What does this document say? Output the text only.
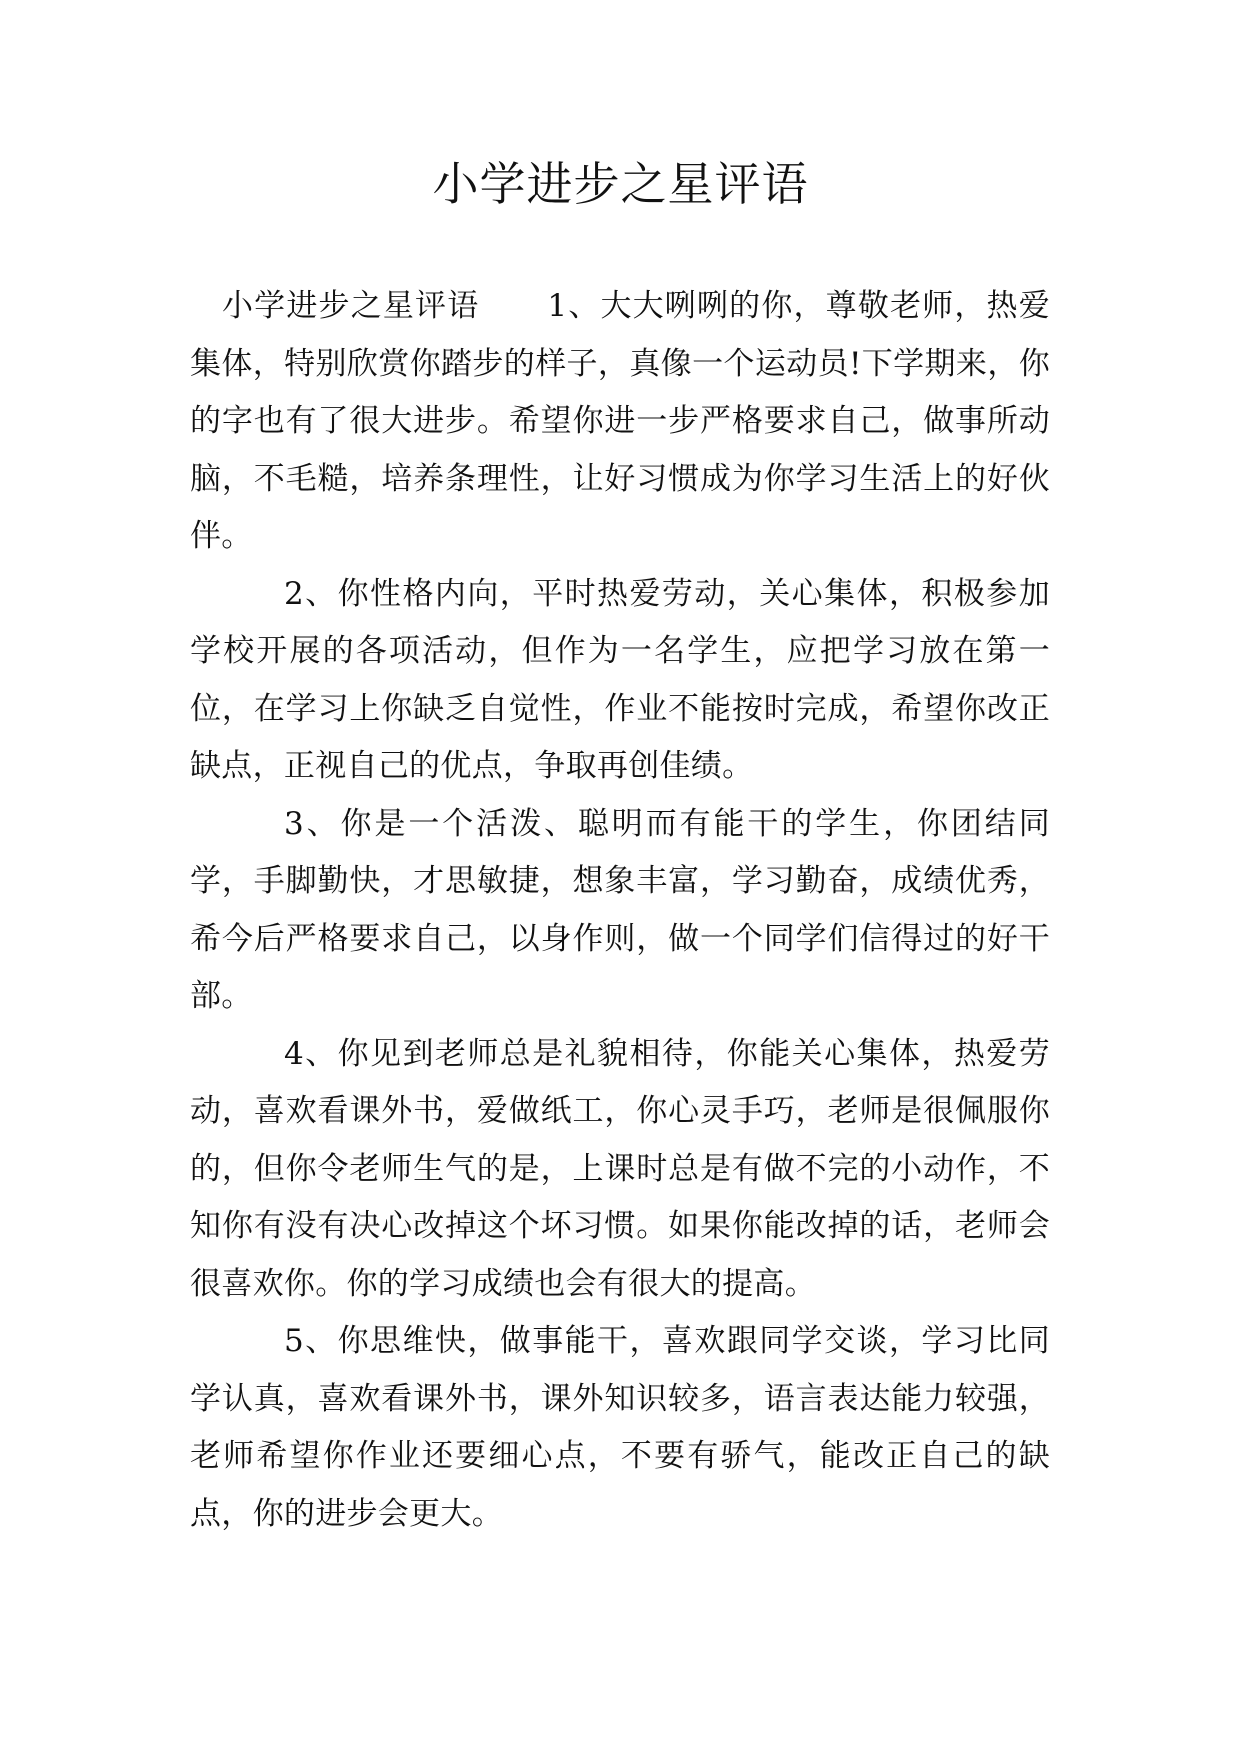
小学进步之星评语

小学进步之星评语 1、大大咧咧的你，尊敬老师，热爱集体，特别欣赏你踏步的样子，真像一个运动员!下学期来，你的字也有了很大进步。希望你进一步严格要求自己，做事所动脑，不毛糙，培养条理性，让好习惯成为你学习生活上的好伙伴。

2、你性格内向，平时热爱劳动，关心集体，积极参加学校开展的各项活动，但作为一名学生，应把学习放在第一位，在学习上你缺乏自觉性，作业不能按时完成，希望你改正缺点，正视自己的优点，争取再创佳绩。

3、你是一个活泼、聪明而有能干的学生，你团结同学，手脚勤快，才思敏捷，想象丰富，学习勤奋，成绩优秀，希今后严格要求自己，以身作则，做一个同学们信得过的好干部。

4、你见到老师总是礼貌相待，你能关心集体，热爱劳动，喜欢看课外书，爱做纸工，你心灵手巧，老师是很佩服你的，但你令老师生气的是，上课时总是有做不完的小动作，不知你有没有决心改掉这个坏习惯。如果你能改掉的话，老师会很喜欢你。你的学习成绩也会有很大的提高。

5、你思维快，做事能干，喜欢跟同学交谈，学习比同学认真，喜欢看课外书，课外知识较多，语言表达能力较强，老师希望你作业还要细心点，不要有骄气，能改正自己的缺点，你的进步会更大。
